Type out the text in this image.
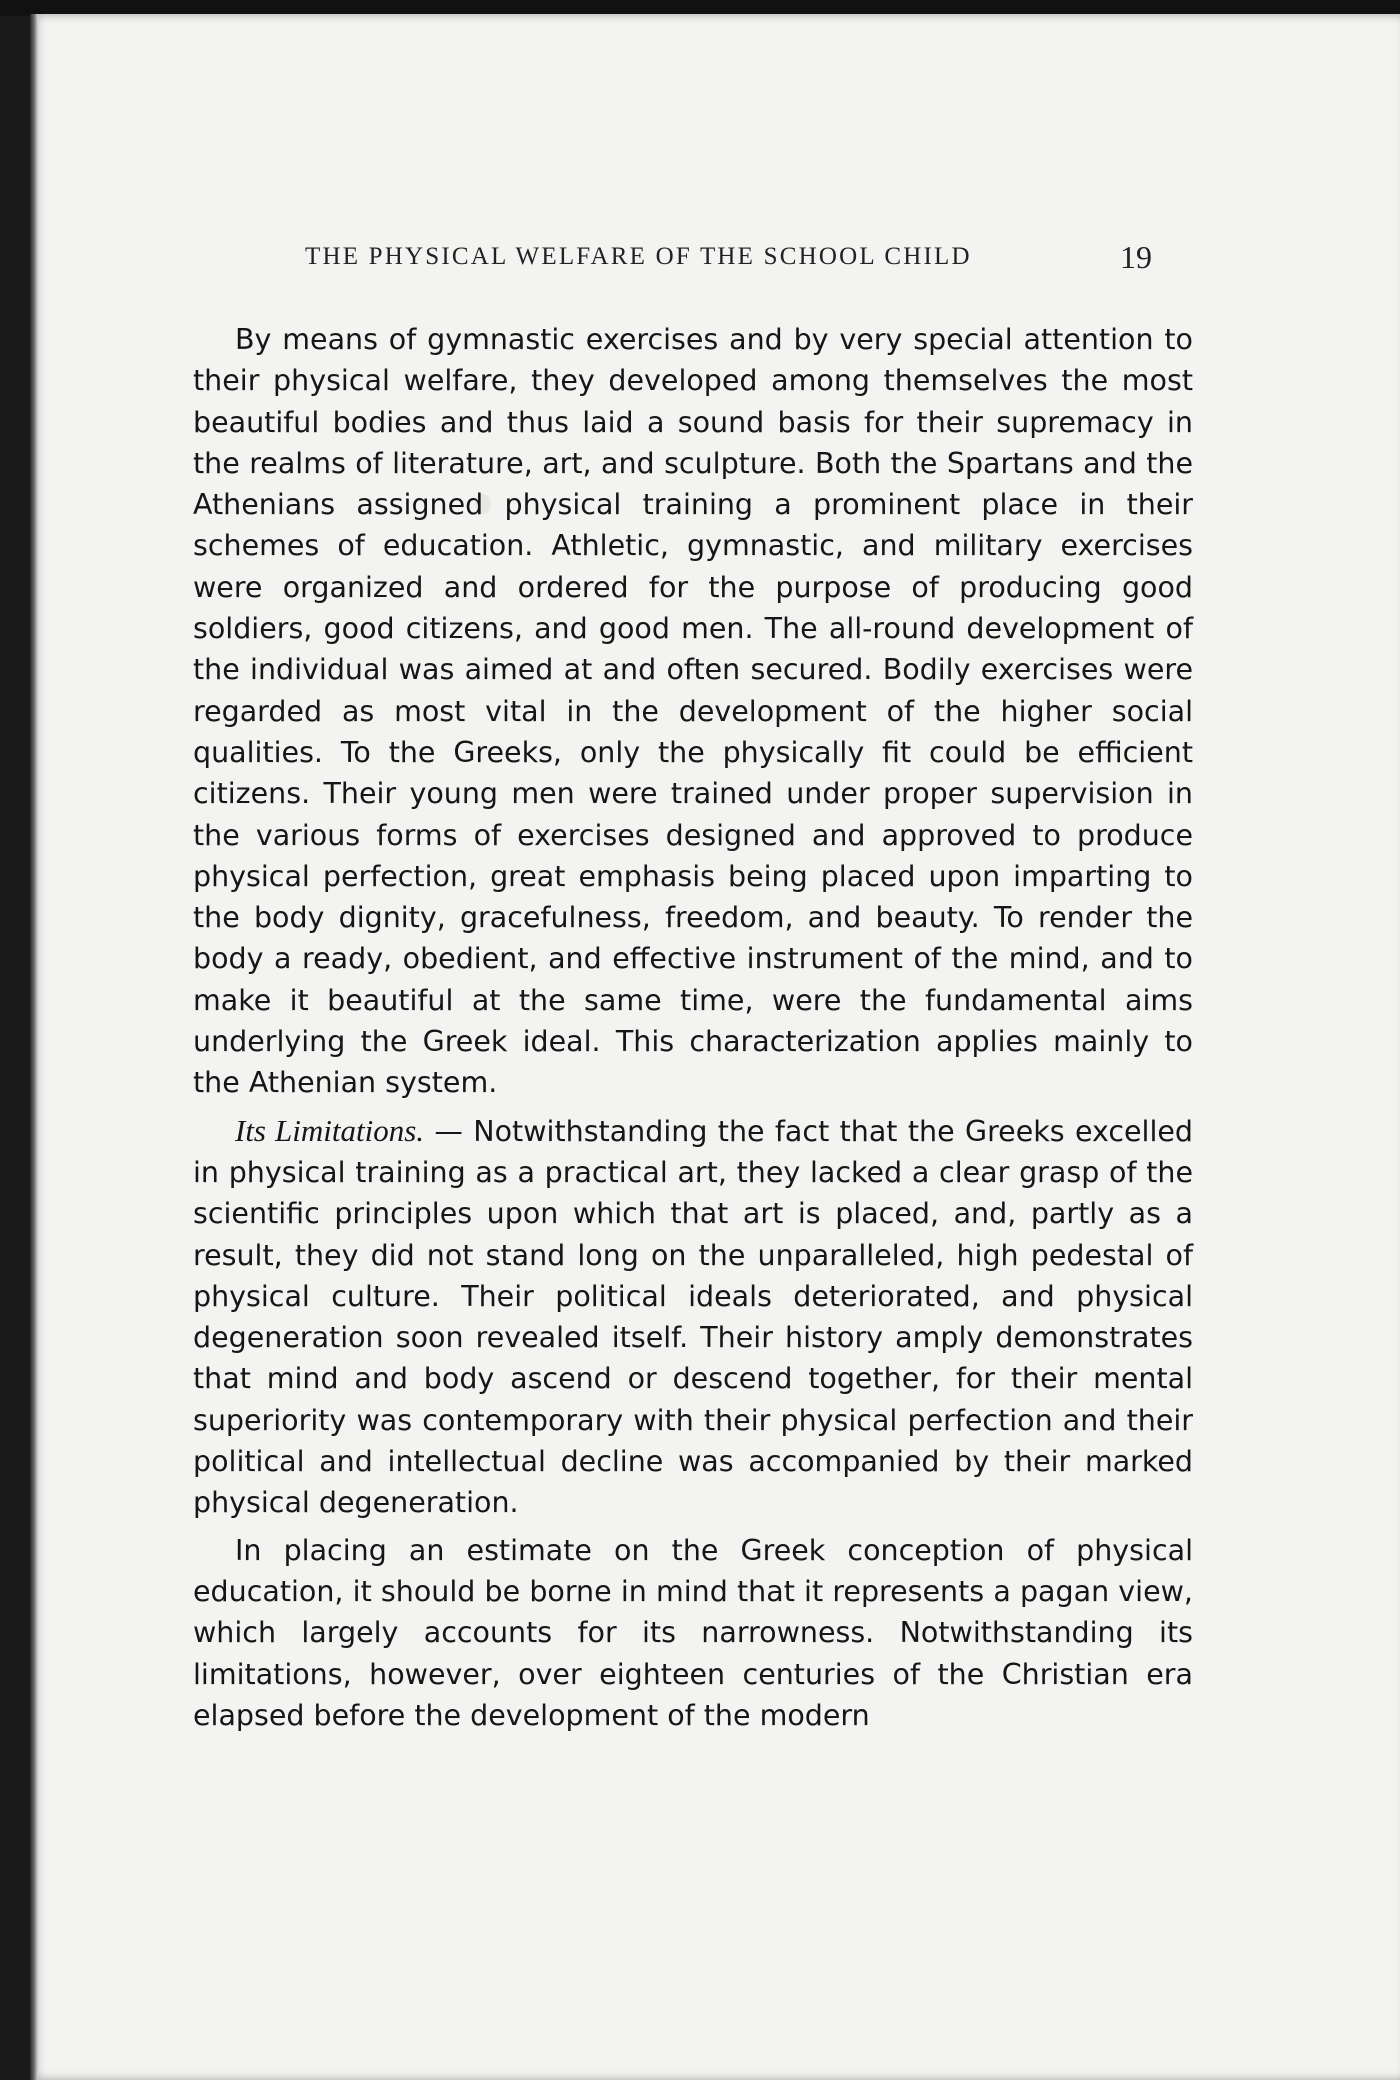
THE PHYSICAL WELFARE OF THE SCHOOL CHILD	19

By means of gymnastic exercises and by very special attention to their physical welfare, they developed among themselves the most beautiful bodies and thus laid a sound basis for their supremacy in the realms of literature, art, and sculpture. Both the Spartans and the Athenians assigned physical training a prominent place in their schemes of education. Athletic, gymnastic, and military exercises were organized and ordered for the purpose of producing good soldiers, good citizens, and good men. The all-round development of the individual was aimed at and often secured. Bodily exercises were regarded as most vital in the development of the higher social qualities. To the Greeks, only the physically fit could be efficient citizens. Their young men were trained under proper supervision in the various forms of exercises designed and approved to produce physical perfection, great emphasis being placed upon imparting to the body dignity, gracefulness, freedom, and beauty. To render the body a ready, obedient, and effective instrument of the mind, and to make it beautiful at the same time, were the fundamental aims underlying the Greek ideal. This characterization applies mainly to the Athenian system.

Its Limitations. — Notwithstanding the fact that the Greeks excelled in physical training as a practical art, they lacked a clear grasp of the scientific principles upon which that art is placed, and, partly as a result, they did not stand long on the unparalleled, high pedestal of physical culture. Their political ideals deteriorated, and physical degeneration soon revealed itself. Their history amply demonstrates that mind and body ascend or descend together, for their mental superiority was contemporary with their physical perfection and their political and intellectual decline was accompanied by their marked physical degeneration.

In placing an estimate on the Greek conception of physical education, it should be borne in mind that it represents a pagan view, which largely accounts for its narrowness. Notwithstanding its limitations, however, over eighteen centuries of the Christian era elapsed before the development of the modern
